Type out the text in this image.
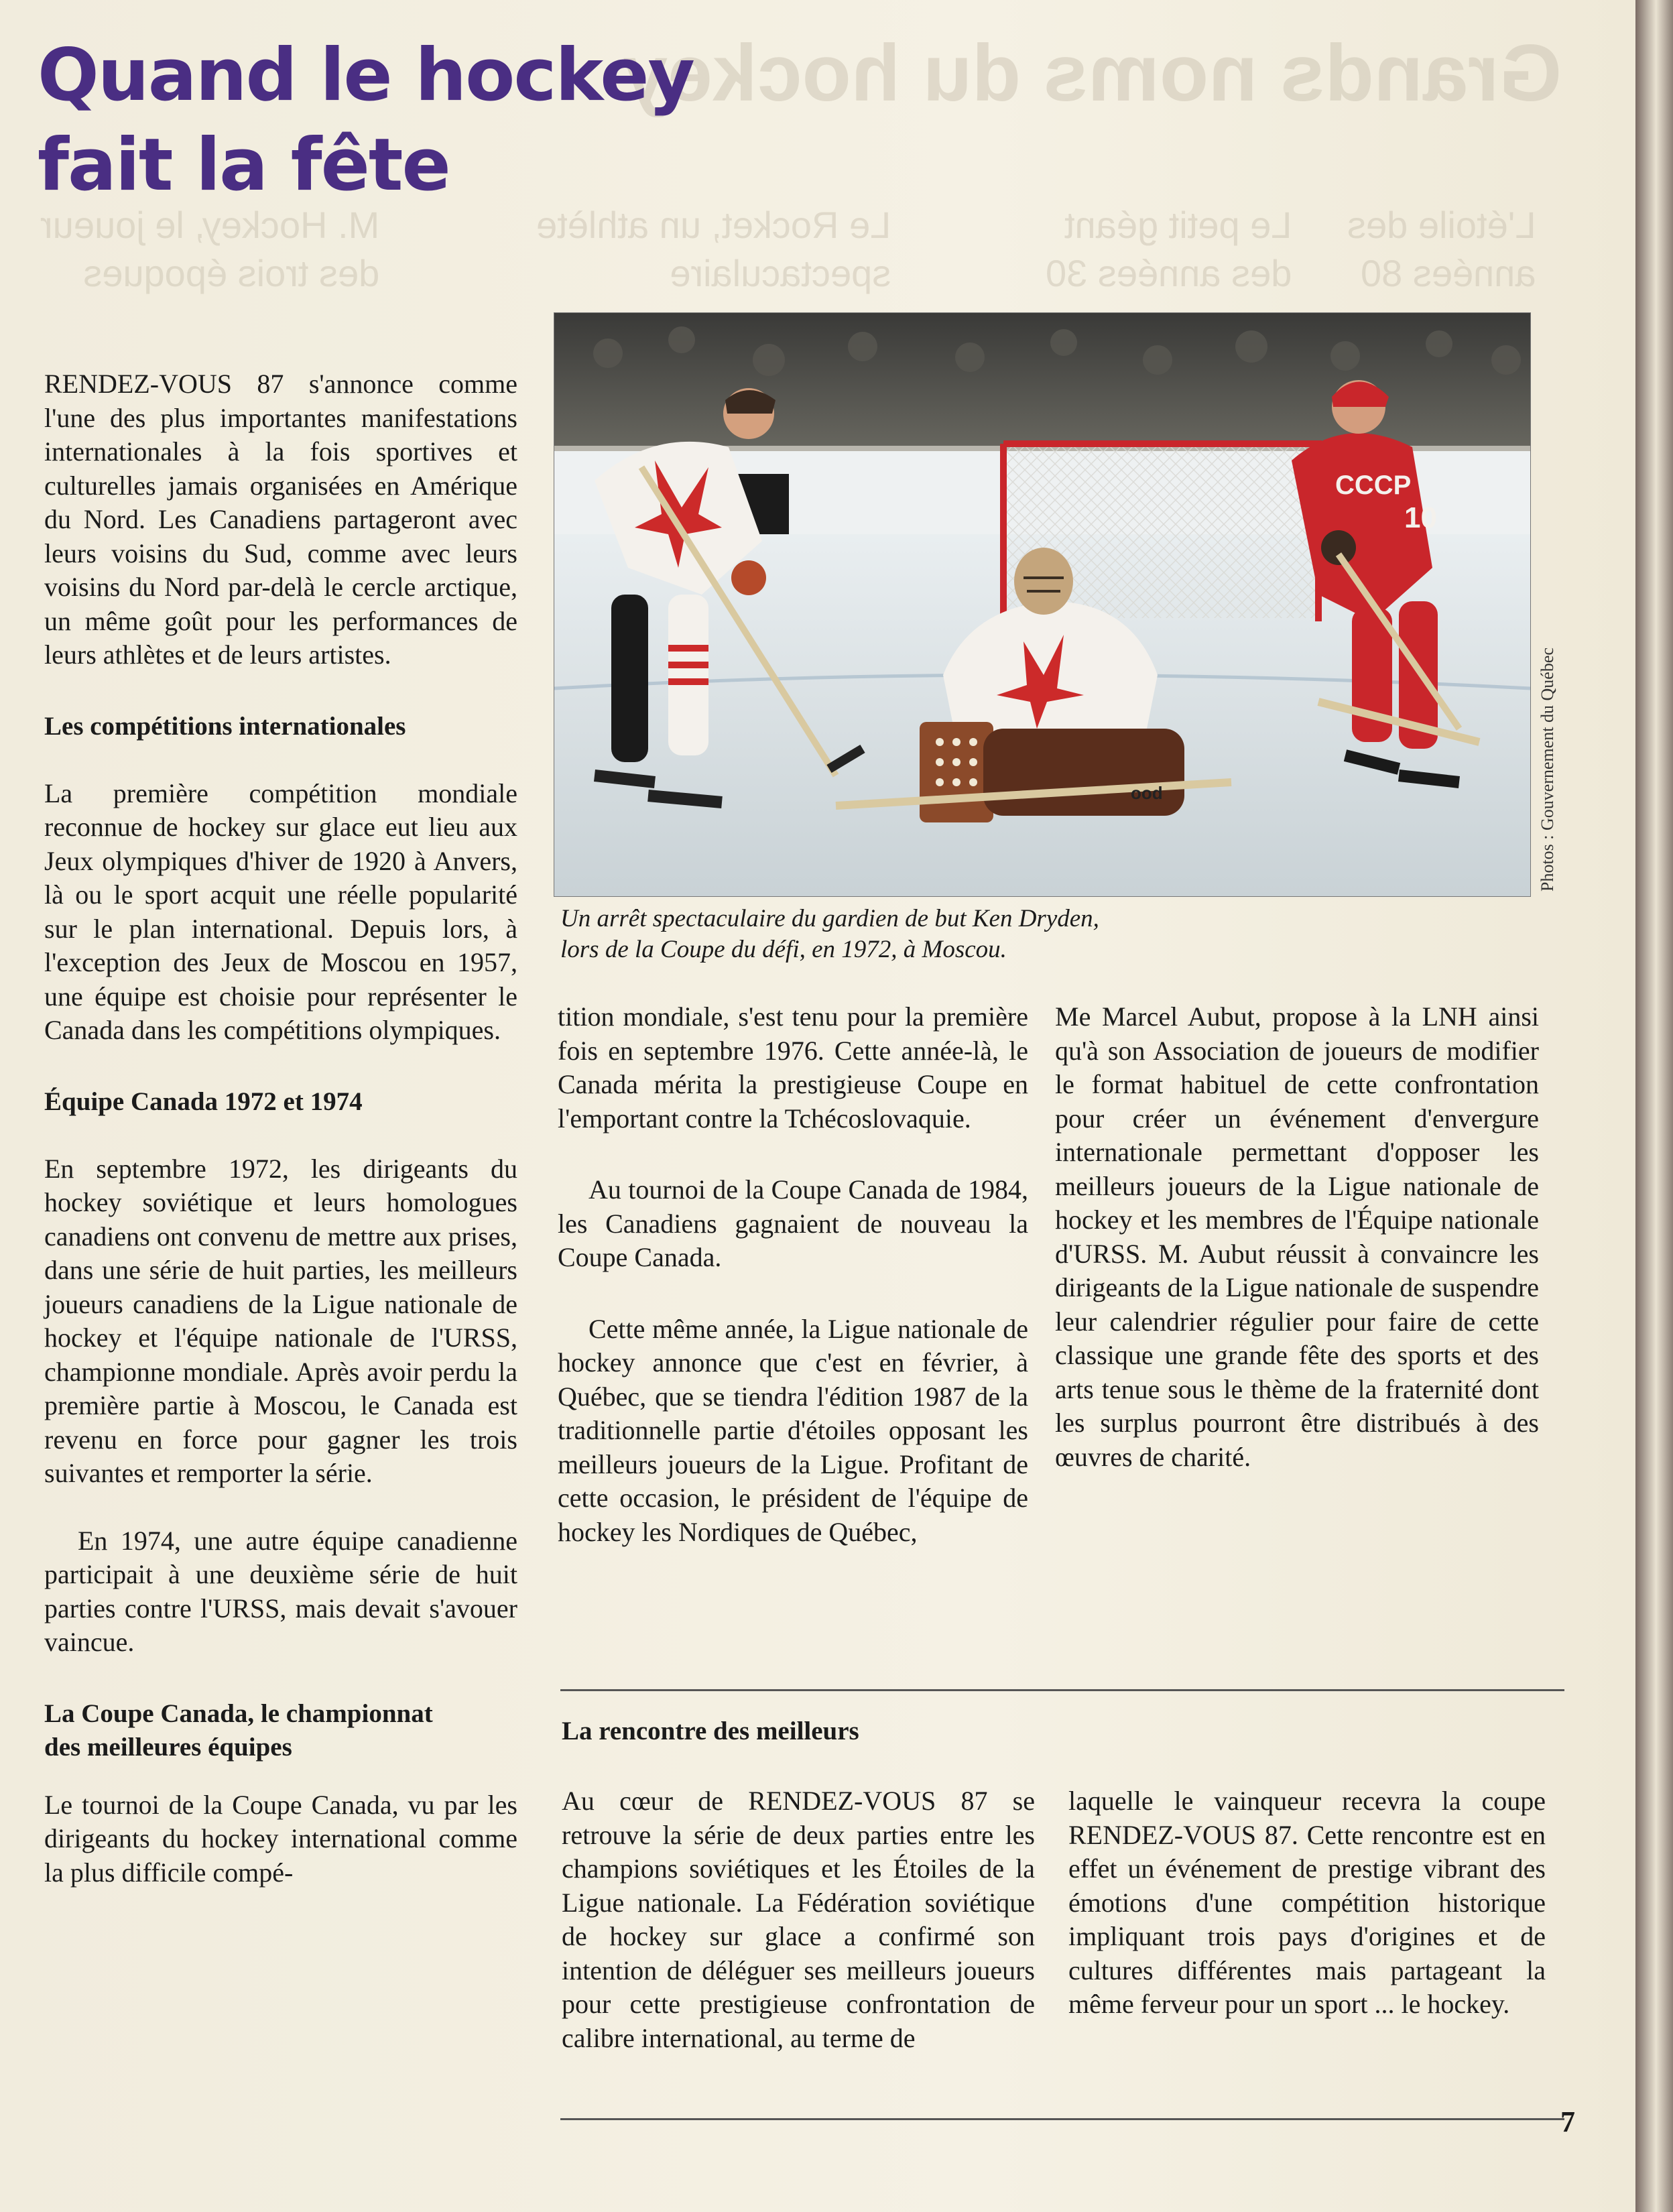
Grands noms du hockey
M. Hockey, le joueur
des trois époques
Le Rocket, un athlète
spectaculaire
Le petit géant
des années 30
L'étoile des
années 80
Quand le hockey
fait la fête
ood
CCCP
10
Un arrêt spectaculaire du gardien de but Ken Dryden,
lors de la Coupe du défi, en 1972, à Moscou.
Photos : Gouvernement du Québec

RENDEZ-VOUS 87 s'annonce comme l'une des plus importantes manifestations internationales à la fois sportives et culturelles jamais organisées en Amérique du Nord. Les Canadiens partageront avec leurs voisins du Sud, comme avec leurs voisins du Nord par-delà le cercle arctique, un même goût pour les performances de leurs athlètes et de leurs artistes.

Les compétitions internationales

La première compétition mondiale reconnue de hockey sur glace eut lieu aux Jeux olympiques d'hiver de 1920 à Anvers, là ou le sport acquit une réelle popularité sur le plan international. Depuis lors, à l'exception des Jeux de Moscou en 1957, une équipe est choisie pour représenter le Canada dans les compétitions olympiques.

Équipe Canada 1972 et 1974

En septembre 1972, les dirigeants du hockey soviétique et leurs homologues canadiens ont convenu de mettre aux prises, dans une série de huit parties, les meilleurs joueurs canadiens de la Ligue nationale de hockey et l'équipe nationale de l'URSS, championne mondiale. Après avoir perdu la première partie à Moscou, le Canada est revenu en force pour gagner les trois suivantes et remporter la série.

En 1974, une autre équipe canadienne participait à une deuxième série de huit parties contre l'URSS, mais devait s'avouer vaincue.

La Coupe Canada, le championnat
des meilleures équipes

Le tournoi de la Coupe Canada, vu par les dirigeants du hockey international comme la plus difficile compé-

tition mondiale, s'est tenu pour la première fois en septembre 1976. Cette année-là, le Canada mérita la prestigieuse Coupe en l'emportant contre la Tchécoslovaquie.

Au tournoi de la Coupe Canada de 1984, les Canadiens gagnaient de nouveau la Coupe Canada.

Cette même année, la Ligue nationale de hockey annonce que c'est en février, à Québec, que se tiendra l'édition 1987 de la traditionnelle partie d'étoiles opposant les meilleurs joueurs de la Ligue. Profitant de cette occasion, le président de l'équipe de hockey les Nordiques de Québec,

Me Marcel Aubut, propose à la LNH ainsi qu'à son Association de joueurs de modifier le format habituel de cette confrontation pour créer un événement d'envergure internationale permettant d'opposer les meilleurs joueurs de la Ligue nationale de hockey et les membres de l'Équipe nationale d'URSS. M. Aubut réussit à convaincre les dirigeants de la Ligue nationale de suspendre leur calendrier régulier pour faire de cette classique une grande fête des sports et des arts tenue sous le thème de la fraternité dont les surplus pourront être distribués à des œuvres de charité.

La rencontre des meilleurs

Au cœur de RENDEZ-VOUS 87 se retrouve la série de deux parties entre les champions soviétiques et les Étoiles de la Ligue nationale. La Fédération soviétique de hockey sur glace a confirmé son intention de déléguer ses meilleurs joueurs pour cette prestigieuse confrontation de calibre international, au terme de

laquelle le vainqueur recevra la coupe RENDEZ-VOUS 87. Cette rencontre est en effet un événement de prestige vibrant des émotions d'une compétition historique impliquant trois pays d'origines et de cultures différentes mais partageant la même ferveur pour un sport ... le hockey.

7
